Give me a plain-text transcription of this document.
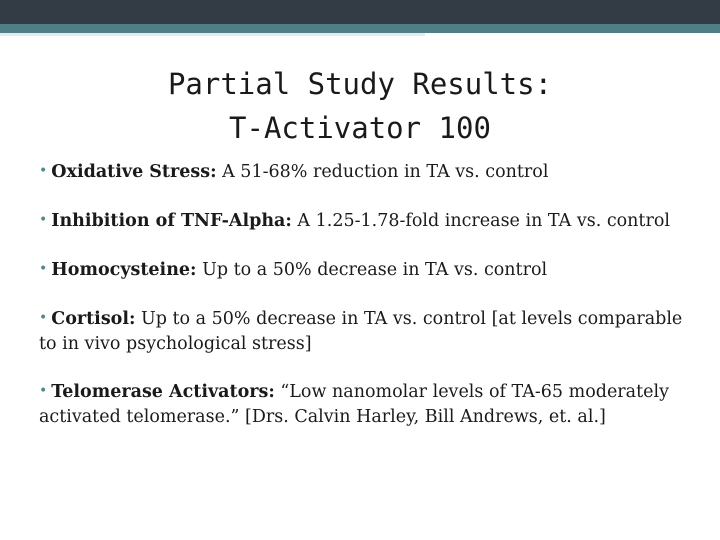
Partial Study Results:
T-Activator 100
• Oxidative Stress: A 51-68% reduction in TA vs. control
• Inhibition of TNF-Alpha: A 1.25-1.78-fold increase in TA vs. control
• Homocysteine: Up to a 50% decrease in TA vs. control
• Cortisol: Up to a 50% decrease in TA vs. control [at levels comparable to in vivo psychological stress]
• Telomerase Activators: “Low nanomolar levels of TA-65 moderately activated telomerase.” [Drs. Calvin Harley, Bill Andrews, et. al.]
